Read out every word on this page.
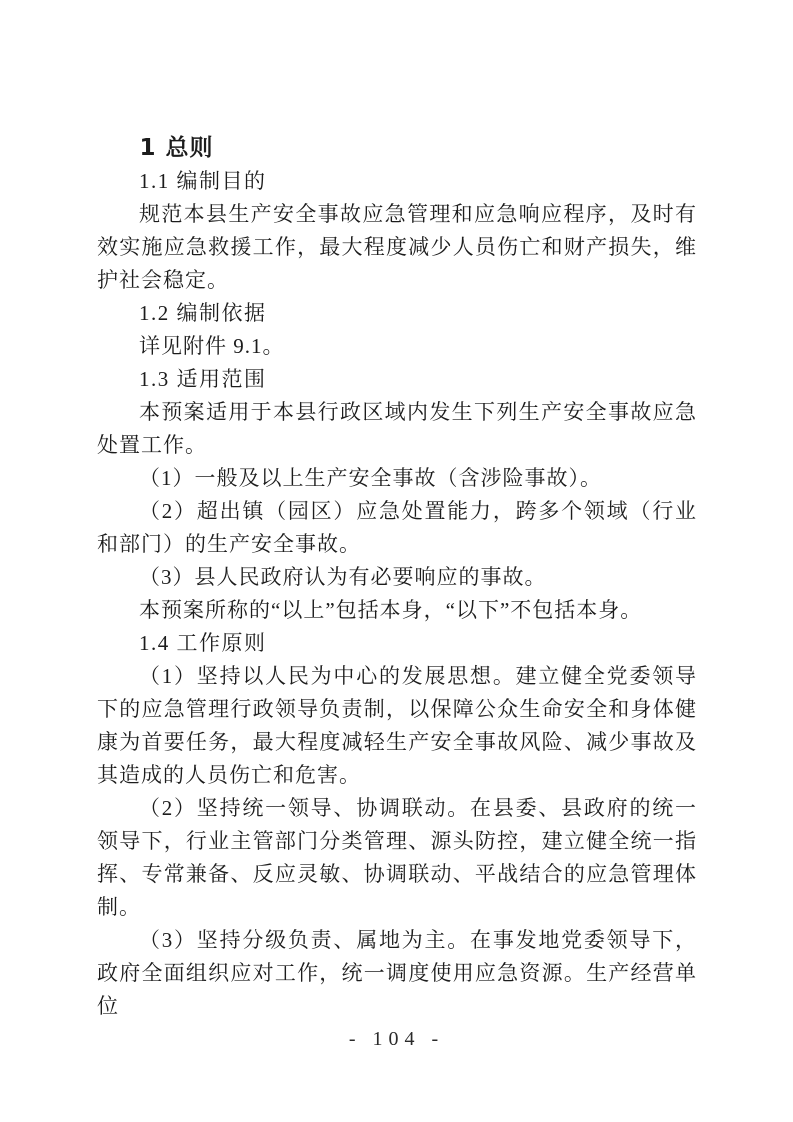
1 总则
1.1 编制目的
规范本县生产安全事故应急管理和应急响应程序，及时有效实施应急救援工作，最大程度减少人员伤亡和财产损失，维护社会稳定。
1.2 编制依据
详见附件 9.1。
1.3 适用范围
本预案适用于本县行政区域内发生下列生产安全事故应急处置工作。
（1）一般及以上生产安全事故（含涉险事故）。
（2）超出镇（园区）应急处置能力，跨多个领域（行业和部门）的生产安全事故。
（3）县人民政府认为有必要响应的事故。
本预案所称的“以上”包括本身，“以下”不包括本身。
1.4 工作原则
（1）坚持以人民为中心的发展思想。建立健全党委领导下的应急管理行政领导负责制，以保障公众生命安全和身体健康为首要任务，最大程度减轻生产安全事故风险、减少事故及其造成的人员伤亡和危害。
（2）坚持统一领导、协调联动。在县委、县政府的统一领导下，行业主管部门分类管理、源头防控，建立健全统一指挥、专常兼备、反应灵敏、协调联动、平战结合的应急管理体制。
（3）坚持分级负责、属地为主。在事发地党委领导下，政府全面组织应对工作，统一调度使用应急资源。生产经营单位
- 104 -
